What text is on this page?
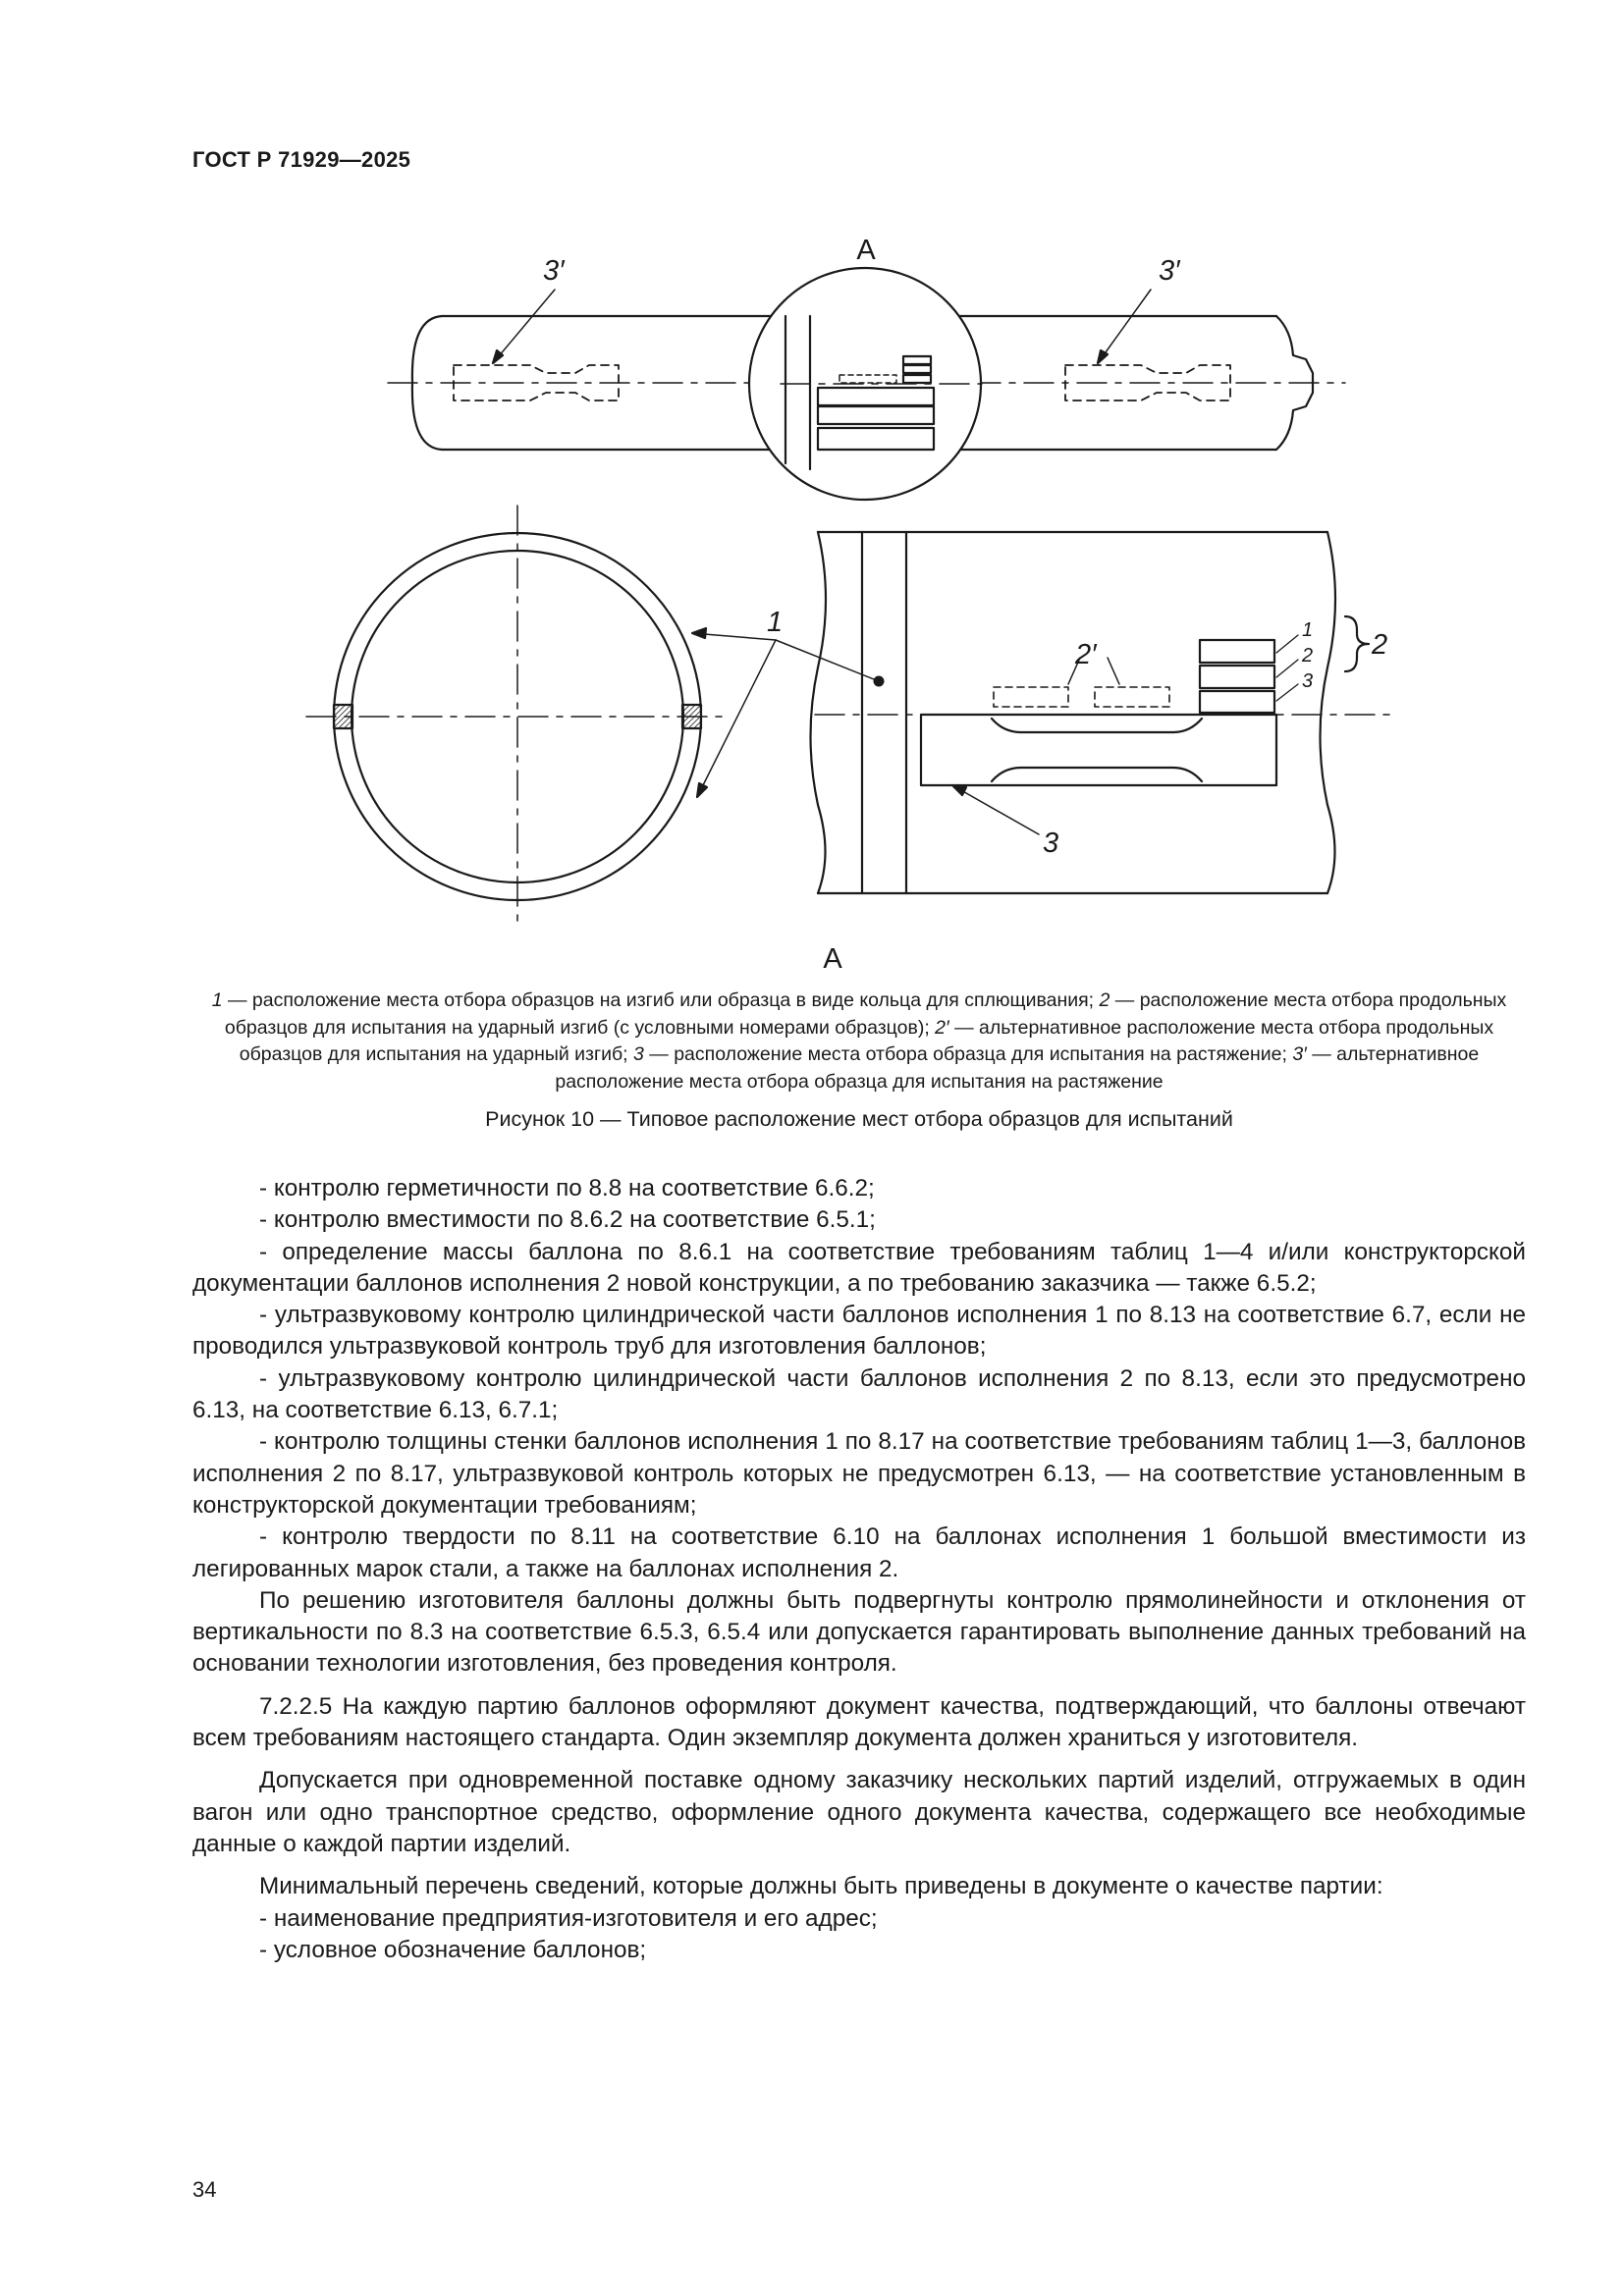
ГОСТ Р 71929—2025
А
3′	3′
1
2′
1
2
3
2
3
А
1 — расположение места отбора образцов на изгиб или образца в виде кольца для сплющивания; 2 — расположение места отбора продольных образцов для испытания на ударный изгиб (с условными номерами образцов); 2′ — альтернативное расположение места отбора продольных образцов для испытания на ударный изгиб; 3 — расположение места отбора образца для испытания на растяжение; 3′ — альтернативное расположение места отбора образца для испытания на растяжение
Рисунок 10 — Типовое расположение мест отбора образцов для испытаний

- контролю герметичности по 8.8 на соответствие 6.6.2;

- контролю вместимости по 8.6.2 на соответствие 6.5.1;

- определение массы баллона по 8.6.1 на соответствие требованиям таблиц 1—4 и/или конструкторской документации баллонов исполнения 2 новой конструкции, а по требованию заказчика — также 6.5.2;

- ультразвуковому контролю цилиндрической части баллонов исполнения 1 по 8.13 на соответствие 6.7, если не проводился ультразвуковой контроль труб для изготовления баллонов;

- ультразвуковому контролю цилиндрической части баллонов исполнения 2 по 8.13, если это предусмотрено 6.13, на соответствие 6.13, 6.7.1;

- контролю толщины стенки баллонов исполнения 1 по 8.17 на соответствие требованиям таблиц 1—3, баллонов исполнения 2 по 8.17, ультразвуковой контроль которых не предусмотрен 6.13, — на соответствие установленным в конструкторской документации требованиям;

- контролю твердости по 8.11 на соответствие 6.10 на баллонах исполнения 1 большой вместимости из легированных марок стали, а также на баллонах исполнения 2.

По решению изготовителя баллоны должны быть подвергнуты контролю прямолинейности и отклонения от вертикальности по 8.3 на соответствие 6.5.3, 6.5.4 или допускается гарантировать выполнение данных требований на основании технологии изготовления, без проведения контроля.

7.2.2.5 На каждую партию баллонов оформляют документ качества, подтверждающий, что баллоны отвечают всем требованиям настоящего стандарта. Один экземпляр документа должен храниться у изготовителя.

Допускается при одновременной поставке одному заказчику нескольких партий изделий, отгружаемых в один вагон или одно транспортное средство, оформление одного документа качества, содержащего все необходимые данные о каждой партии изделий.

Минимальный перечень сведений, которые должны быть приведены в документе о качестве партии:

- наименование предприятия-изготовителя и его адрес;

- условное обозначение баллонов;

34
